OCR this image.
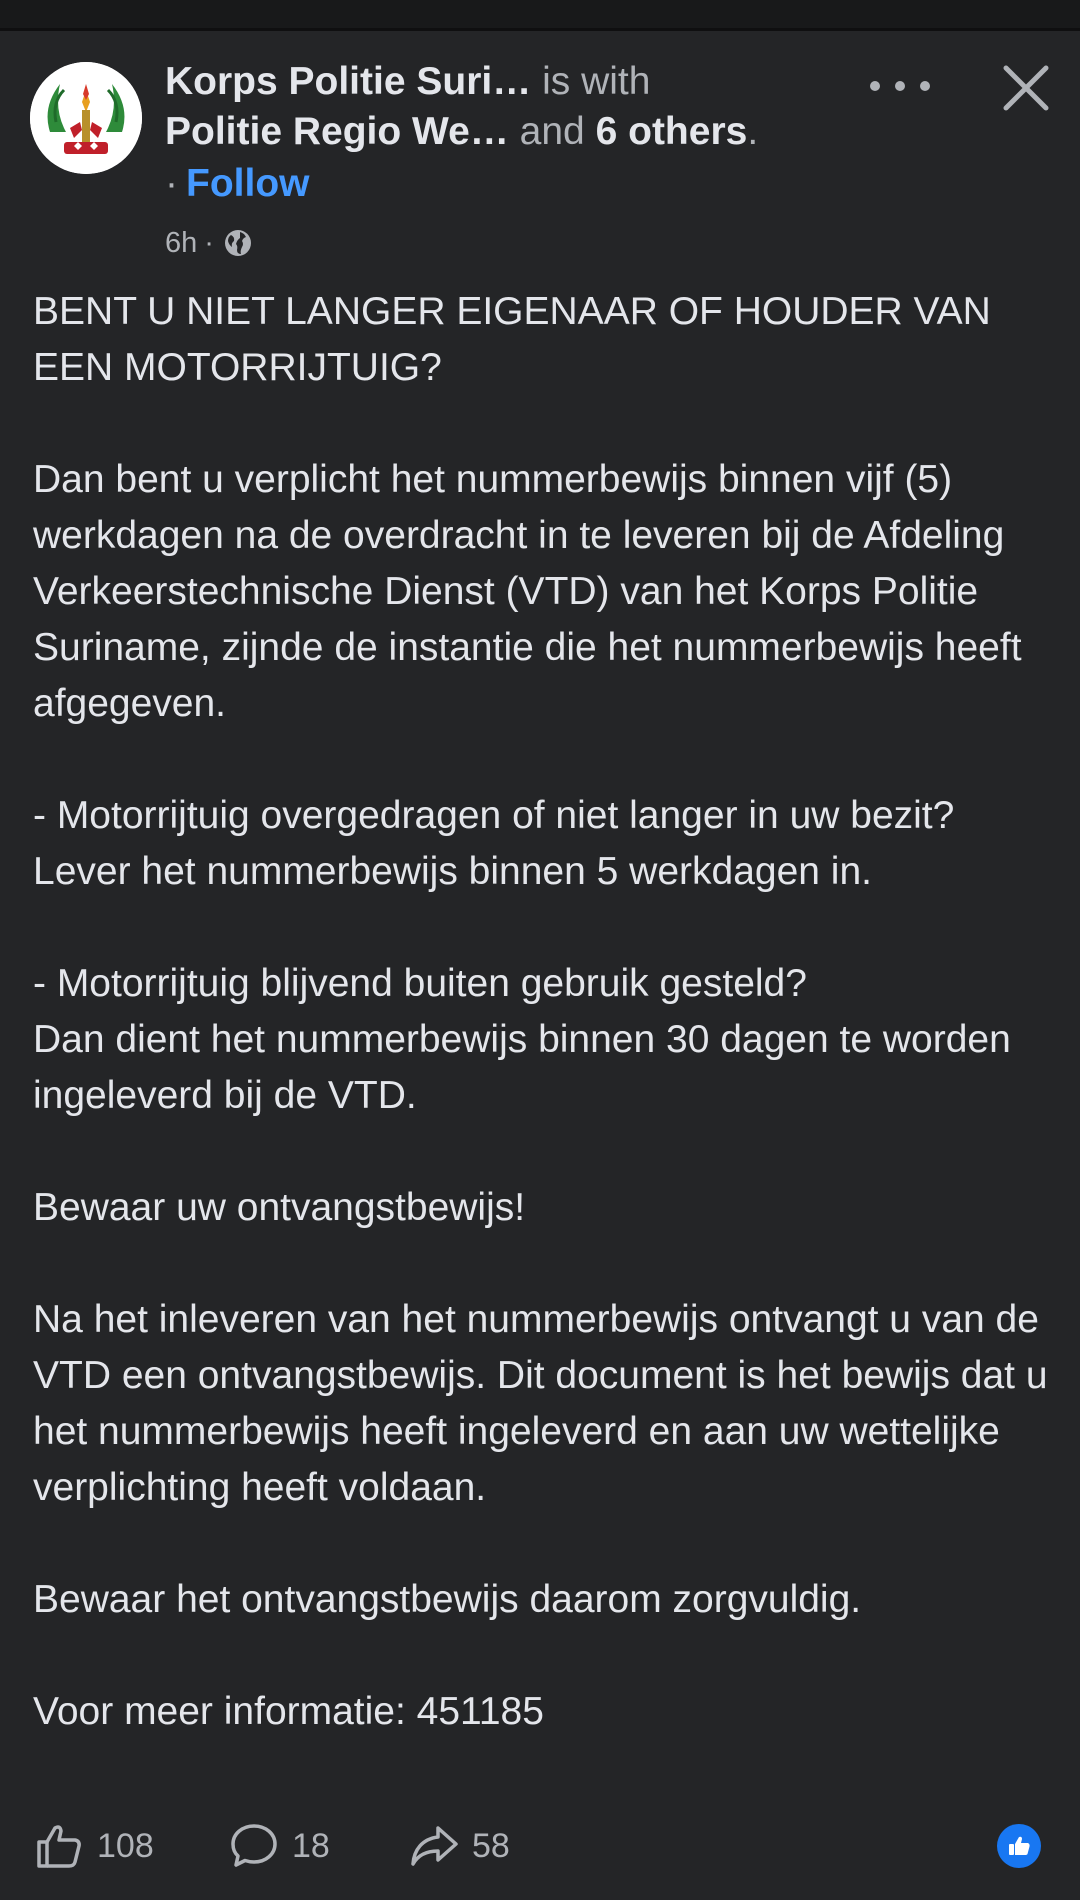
Korps Politie Suri… is with
Politie Regio We… and 6 others.
· Follow
6h ·

BENT U NIET LANGER EIGENAAR OF HOUDER VAN EEN MOTORRIJTUIG?

Dan bent u verplicht het nummerbewijs binnen vijf (5) werkdagen na de overdracht in te leveren bij de Afdeling Verkeerstechnische Dienst (VTD) van het Korps Politie Suriname, zijnde de instantie die het nummerbewijs heeft afgegeven.

- Motorrijtuig overgedragen of niet langer in uw bezit? Lever het nummerbewijs binnen 5 werkdagen in.

- Motorrijtuig blijvend buiten gebruik gesteld?
Dan dient het nummerbewijs binnen 30 dagen te worden ingeleverd bij de VTD.

Bewaar uw ontvangstbewijs!

Na het inleveren van het nummerbewijs ontvangt u van de VTD een ontvangstbewijs. Dit document is het bewijs dat u het nummerbewijs heeft ingeleverd en aan uw wettelijke verplichting heeft voldaan.

Bewaar het ontvangstbewijs daarom zorgvuldig.

Voor meer informatie: 451185

108	18	58
